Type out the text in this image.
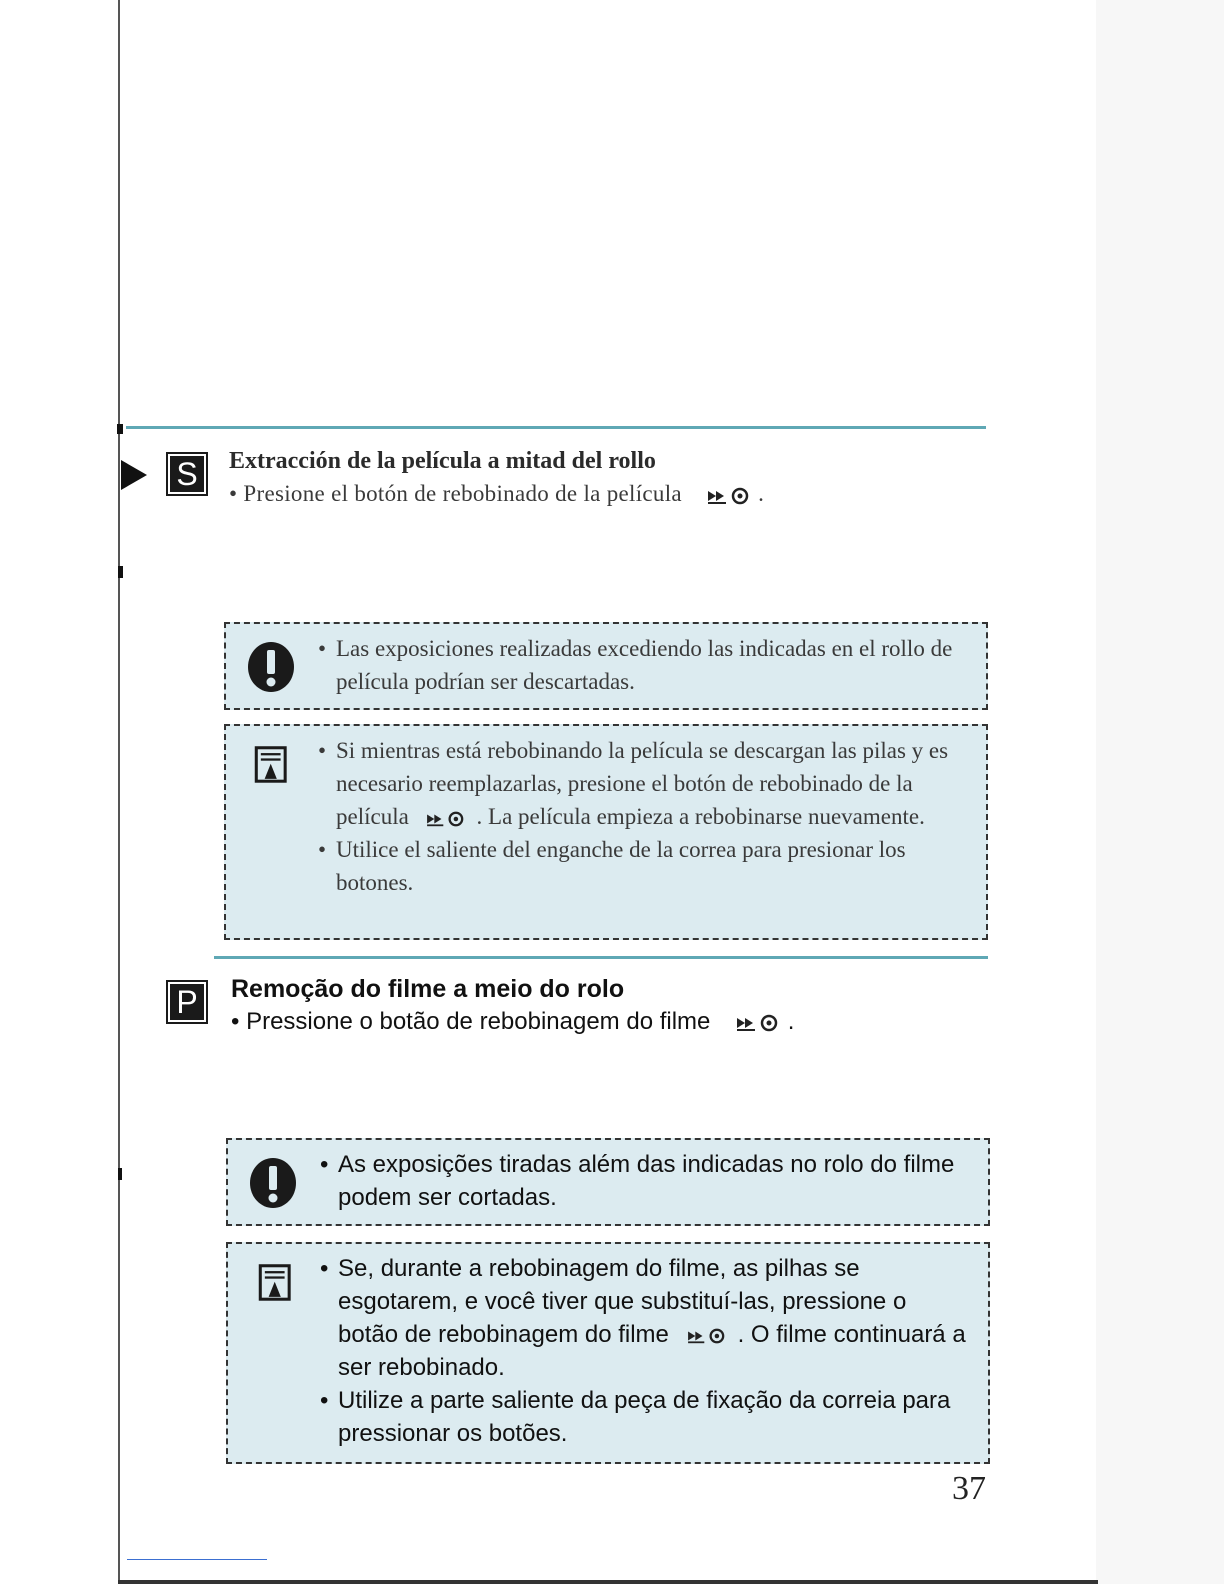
S	Extracción de la película a mitad del rollo
• Presione el botón de rebobinado de la película	.
• Las exposiciones realizadas excediendo las indicadas en el rollo de película podrían ser descartadas.
• Si mientras está rebobinando la película se descargan las pilas y es necesario reemplazarlas, presione el botón de rebobinado de la película	. La película empieza a rebobinarse nuevamente.
• Utilice el saliente del enganche de la correa para presionar los botones.
P	Remoção do filme a meio do rolo
• Pressione o botão de rebobinagem do filme	.
• As exposições tiradas além das indicadas no rolo do filme podem ser cortadas.
• Se, durante a rebobinagem do filme, as pilhas se esgotarem, e você tiver que substituí-las, pressione o botão de rebobinagem do filme	. O filme continuará a ser rebobinado.
• Utilize a parte saliente da peça de fixação da correia para pressionar os botões.
37
